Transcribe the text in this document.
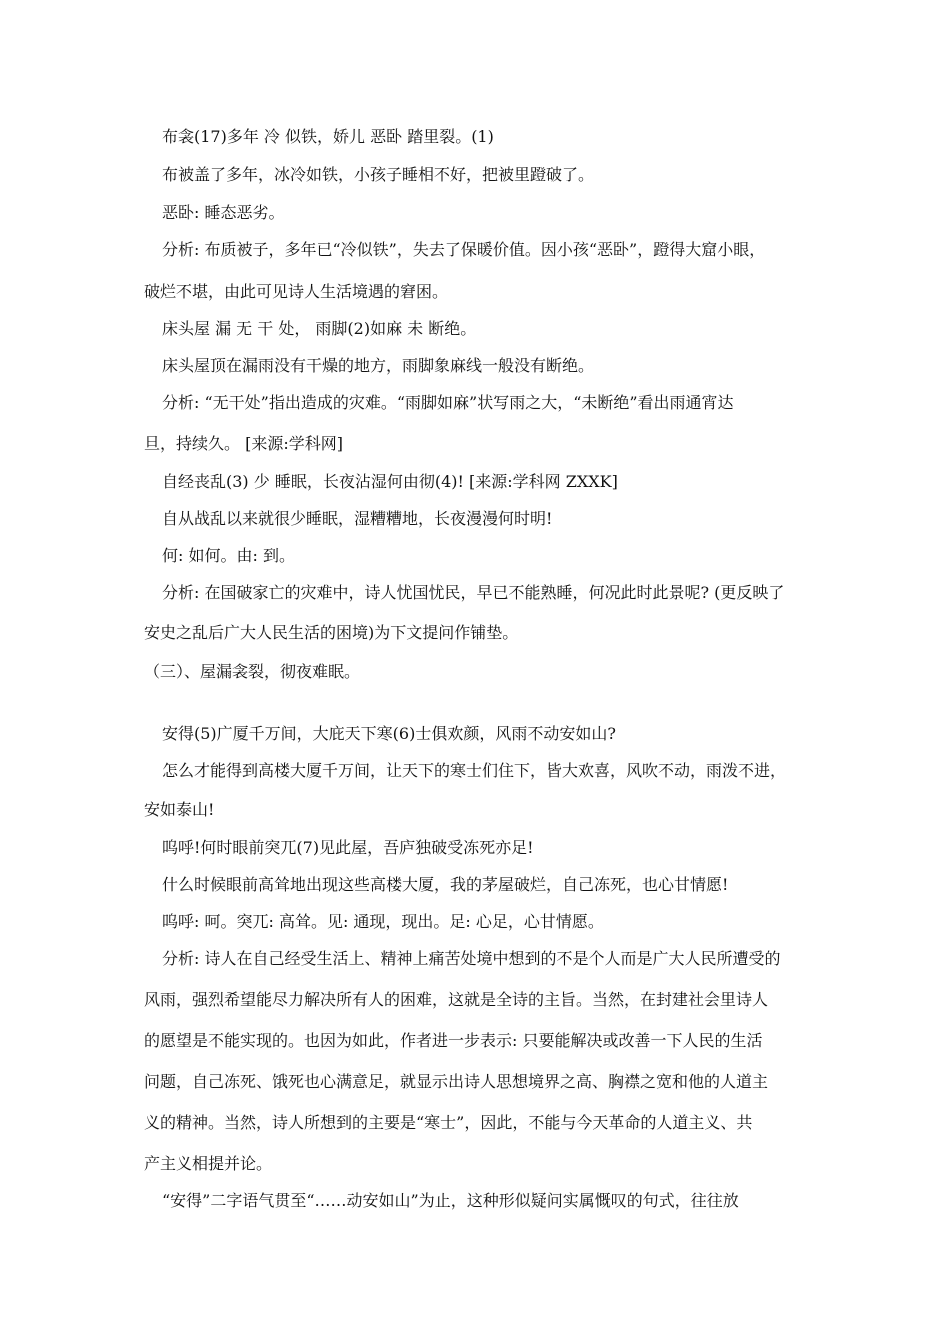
布衾(17)多年 冷 似铁，娇儿 恶卧 踏里裂。(1)
布被盖了多年，冰冷如铁，小孩子睡相不好，把被里蹬破了。
恶卧: 睡态恶劣。
分析: 布质被子，多年已“冷似铁”，失去了保暖价值。因小孩“恶卧”，蹬得大窟小眼，
破烂不堪，由此可见诗人生活境遇的窘困。
床头屋 漏 无 干 处， 雨脚(2)如麻 未 断绝。
床头屋顶在漏雨没有干燥的地方，雨脚象麻线一般没有断绝。
分析: “无干处”指出造成的灾难。“雨脚如麻”状写雨之大，“未断绝”看出雨通宵达
旦，持续久。 [来源:学科网]
自经丧乱(3) 少 睡眠，长夜沾湿何由彻(4)! [来源:学科网 ZXXK]
自从战乱以来就很少睡眠，湿糟糟地，长夜漫漫何时明!
何: 如何。由: 到。
分析: 在国破家亡的灾难中，诗人忧国忧民，早已不能熟睡，何况此时此景呢? (更反映了
安史之乱后广大人民生活的困境)为下文提问作铺垫。
（三）、屋漏衾裂，彻夜难眠。
安得(5)广厦千万间，大庇天下寒(6)士俱欢颜，风雨不动安如山?
怎么才能得到高楼大厦千万间，让天下的寒士们住下，皆大欢喜，风吹不动，雨泼不进，
安如泰山!
呜呼!何时眼前突兀(7)见此屋，吾庐独破受冻死亦足!
什么时候眼前高耸地出现这些高楼大厦，我的茅屋破烂，自己冻死，也心甘情愿!
呜呼: 呵。突兀: 高耸。见: 通现，现出。足: 心足，心甘情愿。
分析: 诗人在自己经受生活上、精神上痛苦处境中想到的不是个人而是广大人民所遭受的
风雨，强烈希望能尽力解决所有人的困难，这就是全诗的主旨。当然，在封建社会里诗人
的愿望是不能实现的。也因为如此，作者进一步表示: 只要能解决或改善一下人民的生活
问题，自己冻死、饿死也心满意足，就显示出诗人思想境界之高、胸襟之宽和他的人道主
义的精神。当然，诗人所想到的主要是“寒士”，因此，不能与今天革命的人道主义、共
产主义相提并论。
“安得”二字语气贯至“……动安如山”为止，这种形似疑问实属慨叹的句式，往往放
